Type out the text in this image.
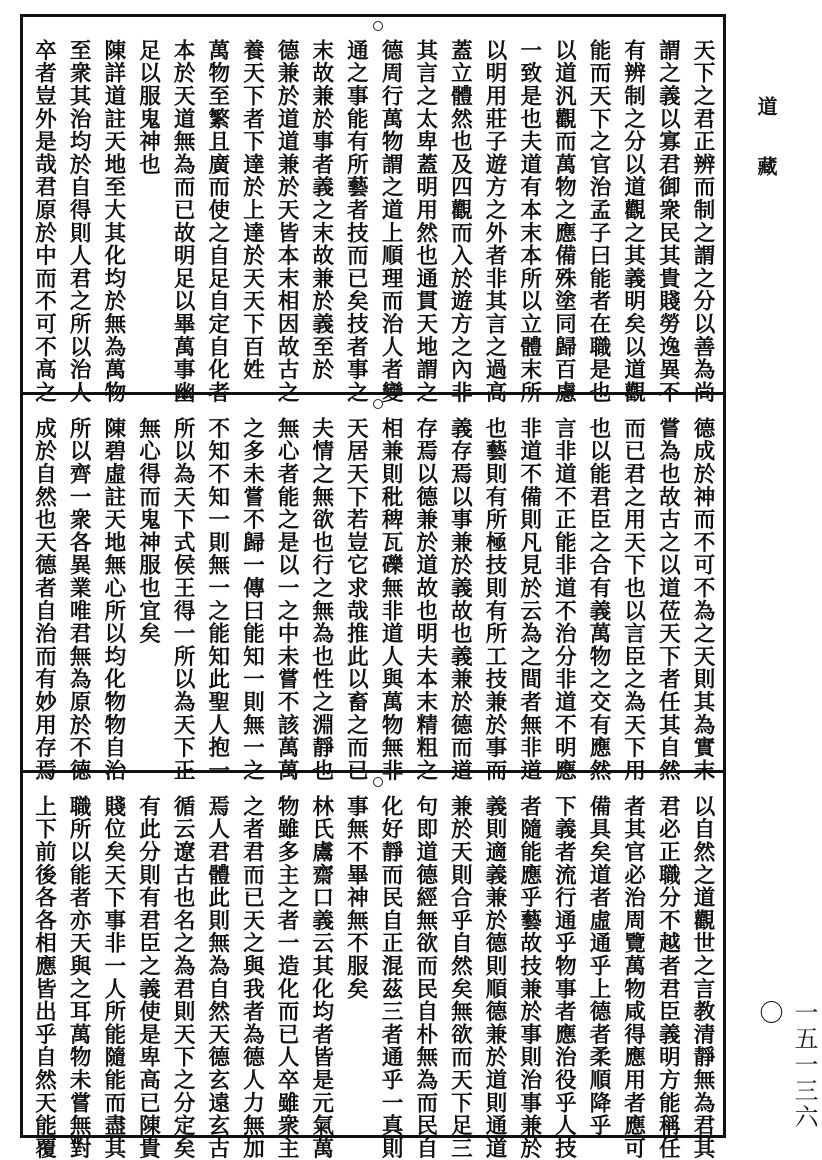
天下之君正辨而制之謂之分以善為尚
謂之義以寡君御衆民其貴賤勞逸異不
有辨制之分以道觀之其義明矣以道觀
能而天下之官治孟子曰能者在職是也
以道汎觀而萬物之應備殊塗同歸百慮
一致是也夫道有本末本所以立體末所
以明用莊子遊方之外者非其言之過高
蓋立體然也及四觀而入於遊方之內非
其言之太卑蓋明用然也通貫天地謂之
德周行萬物謂之道上順理而治人者變
通之事能有所藝者技而已矣技者事之
末故兼於事者義之末故兼於義至於
德兼於道道兼於天皆本末相因故古之
養天下者下達於上達於天天下百姓
萬物至繁且廣而使之自足自定自化者
本於天道無為而已故明足以畢萬事幽
足以服鬼神也
陳詳道註天地至大其化均於無為萬物
至衆其治均於自得則人君之所以治人
卒者豈外是哉君原於中而不可不高之
德成於神而不可不為之天則其為實末
嘗為也故古之以道莅天下者任其自然
而已君之用天下也以言臣之為天下用
也以能君臣之合有義萬物之交有應然
言非道不正能非道不治分非道不明應
非道不備則凡見於云為之間者無非道
也藝則有所極技則有所工技兼於事而
義存焉以事兼於義故也義兼於德而道
存焉以德兼於道故也明夫本末精粗之
相兼則秕稗瓦礫無非道人與萬物無非
天居天下若豈它求哉推此以畜之而已
夫情之無欲也行之無為也性之淵靜也
無心者能之是以一之中未嘗不該萬萬
之多未嘗不歸一傳曰能知一則無一之
不知不知一則無一之能知此聖人抱一
所以為天下式侯王得一所以為天下正
無心得而鬼神服也宜矣
陳碧虛註天地無心所以均化物物自治
所以齊一衆各異業唯君無為原於不德
成於自然也天德者自治而有妙用存焉
以自然之道觀世之言教清靜無為君其
君必正職分不越者君臣義明方能稱任
者其官必治周覽萬物咸得應用者應可
備具矣道者虛通乎上德者柔順降乎
下義者流行通乎物事者應治役乎人技
者隨能應乎藝故技兼於事則治事兼於
義則適義兼於德則順德兼於道則通道
兼於天則合乎自然矣無欲而天下足三
句即道德經無欲而民自朴無為而民自
化好靜而民自正混茲三者通乎一真則
事無不畢神無不服矣
林氏鬳齋口義云其化均者皆是元氣萬
物雖多主之者一造化而已人卒雖衆主
之者君而已天之與我者為德人力無加
焉人君體此則無為自然天德玄遠玄古
循云遼古也名之為君則天下之分定矣
有此分則有君臣之義使是卑高已陳貴
賤位矣天下事非一人所能隨能而盡其
職所以能者亦天與之耳萬物未嘗無對
上下前後各各相應皆出乎自然天能覆
道藏
一五一三六〇
